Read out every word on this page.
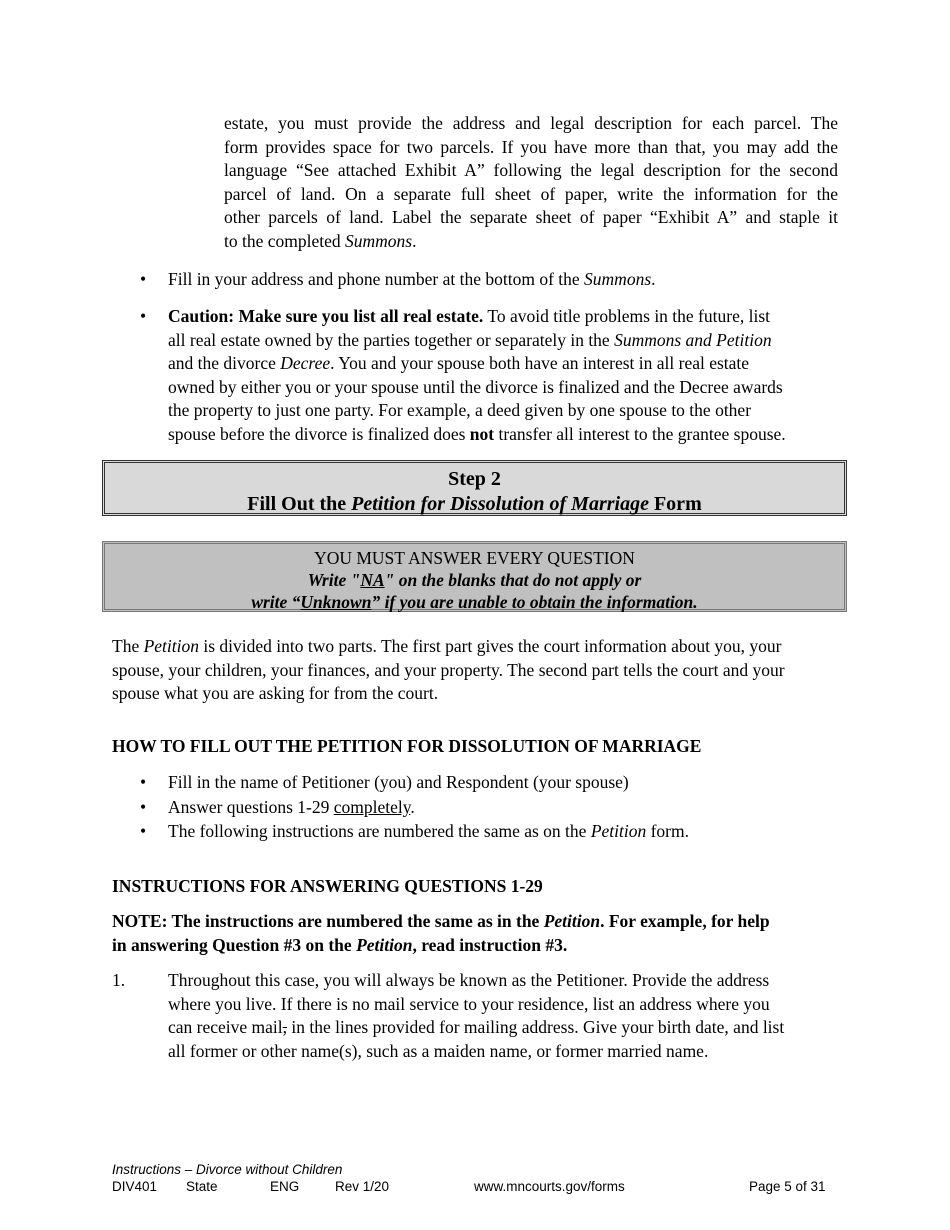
estate, you must provide the address and legal description for each parcel. The

form provides space for two parcels. If you have more than that, you may add the

language “See attached Exhibit A” following the legal description for the second

parcel of land. On a separate full sheet of paper, write the information for the

other parcels of land. Label the separate sheet of paper “Exhibit A” and staple it

to the completed Summons.

• Fill in your address and phone number at the bottom of the Summons.
• Caution: Make sure you list all real estate. To avoid title problems in the future, list

all real estate owned by the parties together or separately in the Summons and Petition

and the divorce Decree. You and your spouse both have an interest in all real estate

owned by either you or your spouse until the divorce is finalized and the Decree awards

the property to just one party. For example, a deed given by one spouse to the other

spouse before the divorce is finalized does not transfer all interest to the grantee spouse.

Step 2
Fill Out the Petition for Dissolution of Marriage Form
YOU MUST ANSWER EVERY QUESTION
Write "NA" on the blanks that do not apply or
write “Unknown” if you are unable to obtain the information.

The Petition is divided into two parts. The first part gives the court information about you, your

spouse, your children, your finances, and your property. The second part tells the court and your

spouse what you are asking for from the court.

HOW TO FILL OUT THE PETITION FOR DISSOLUTION OF MARRIAGE
• Fill in the name of Petitioner (you) and Respondent (your spouse)
• Answer questions 1-29 completely.
• The following instructions are numbered the same as on the Petition form.
INSTRUCTIONS FOR ANSWERING QUESTIONS 1-29

NOTE: The instructions are numbered the same as in the Petition. For example, for help

in answering Question #3 on the Petition, read instruction #3.

1. Throughout this case, you will always be known as the Petitioner. Provide the address

where you live. If there is no mail service to your residence, list an address where you

can receive mail, in the lines provided for mailing address. Give your birth date, and list

all former or other name(s), such as a maiden name, or former married name.

Instructions – Divorce without Children
DIV401 State	ENG	Rev 1/20	www.mncourts.gov/forms	Page 5 of 31
